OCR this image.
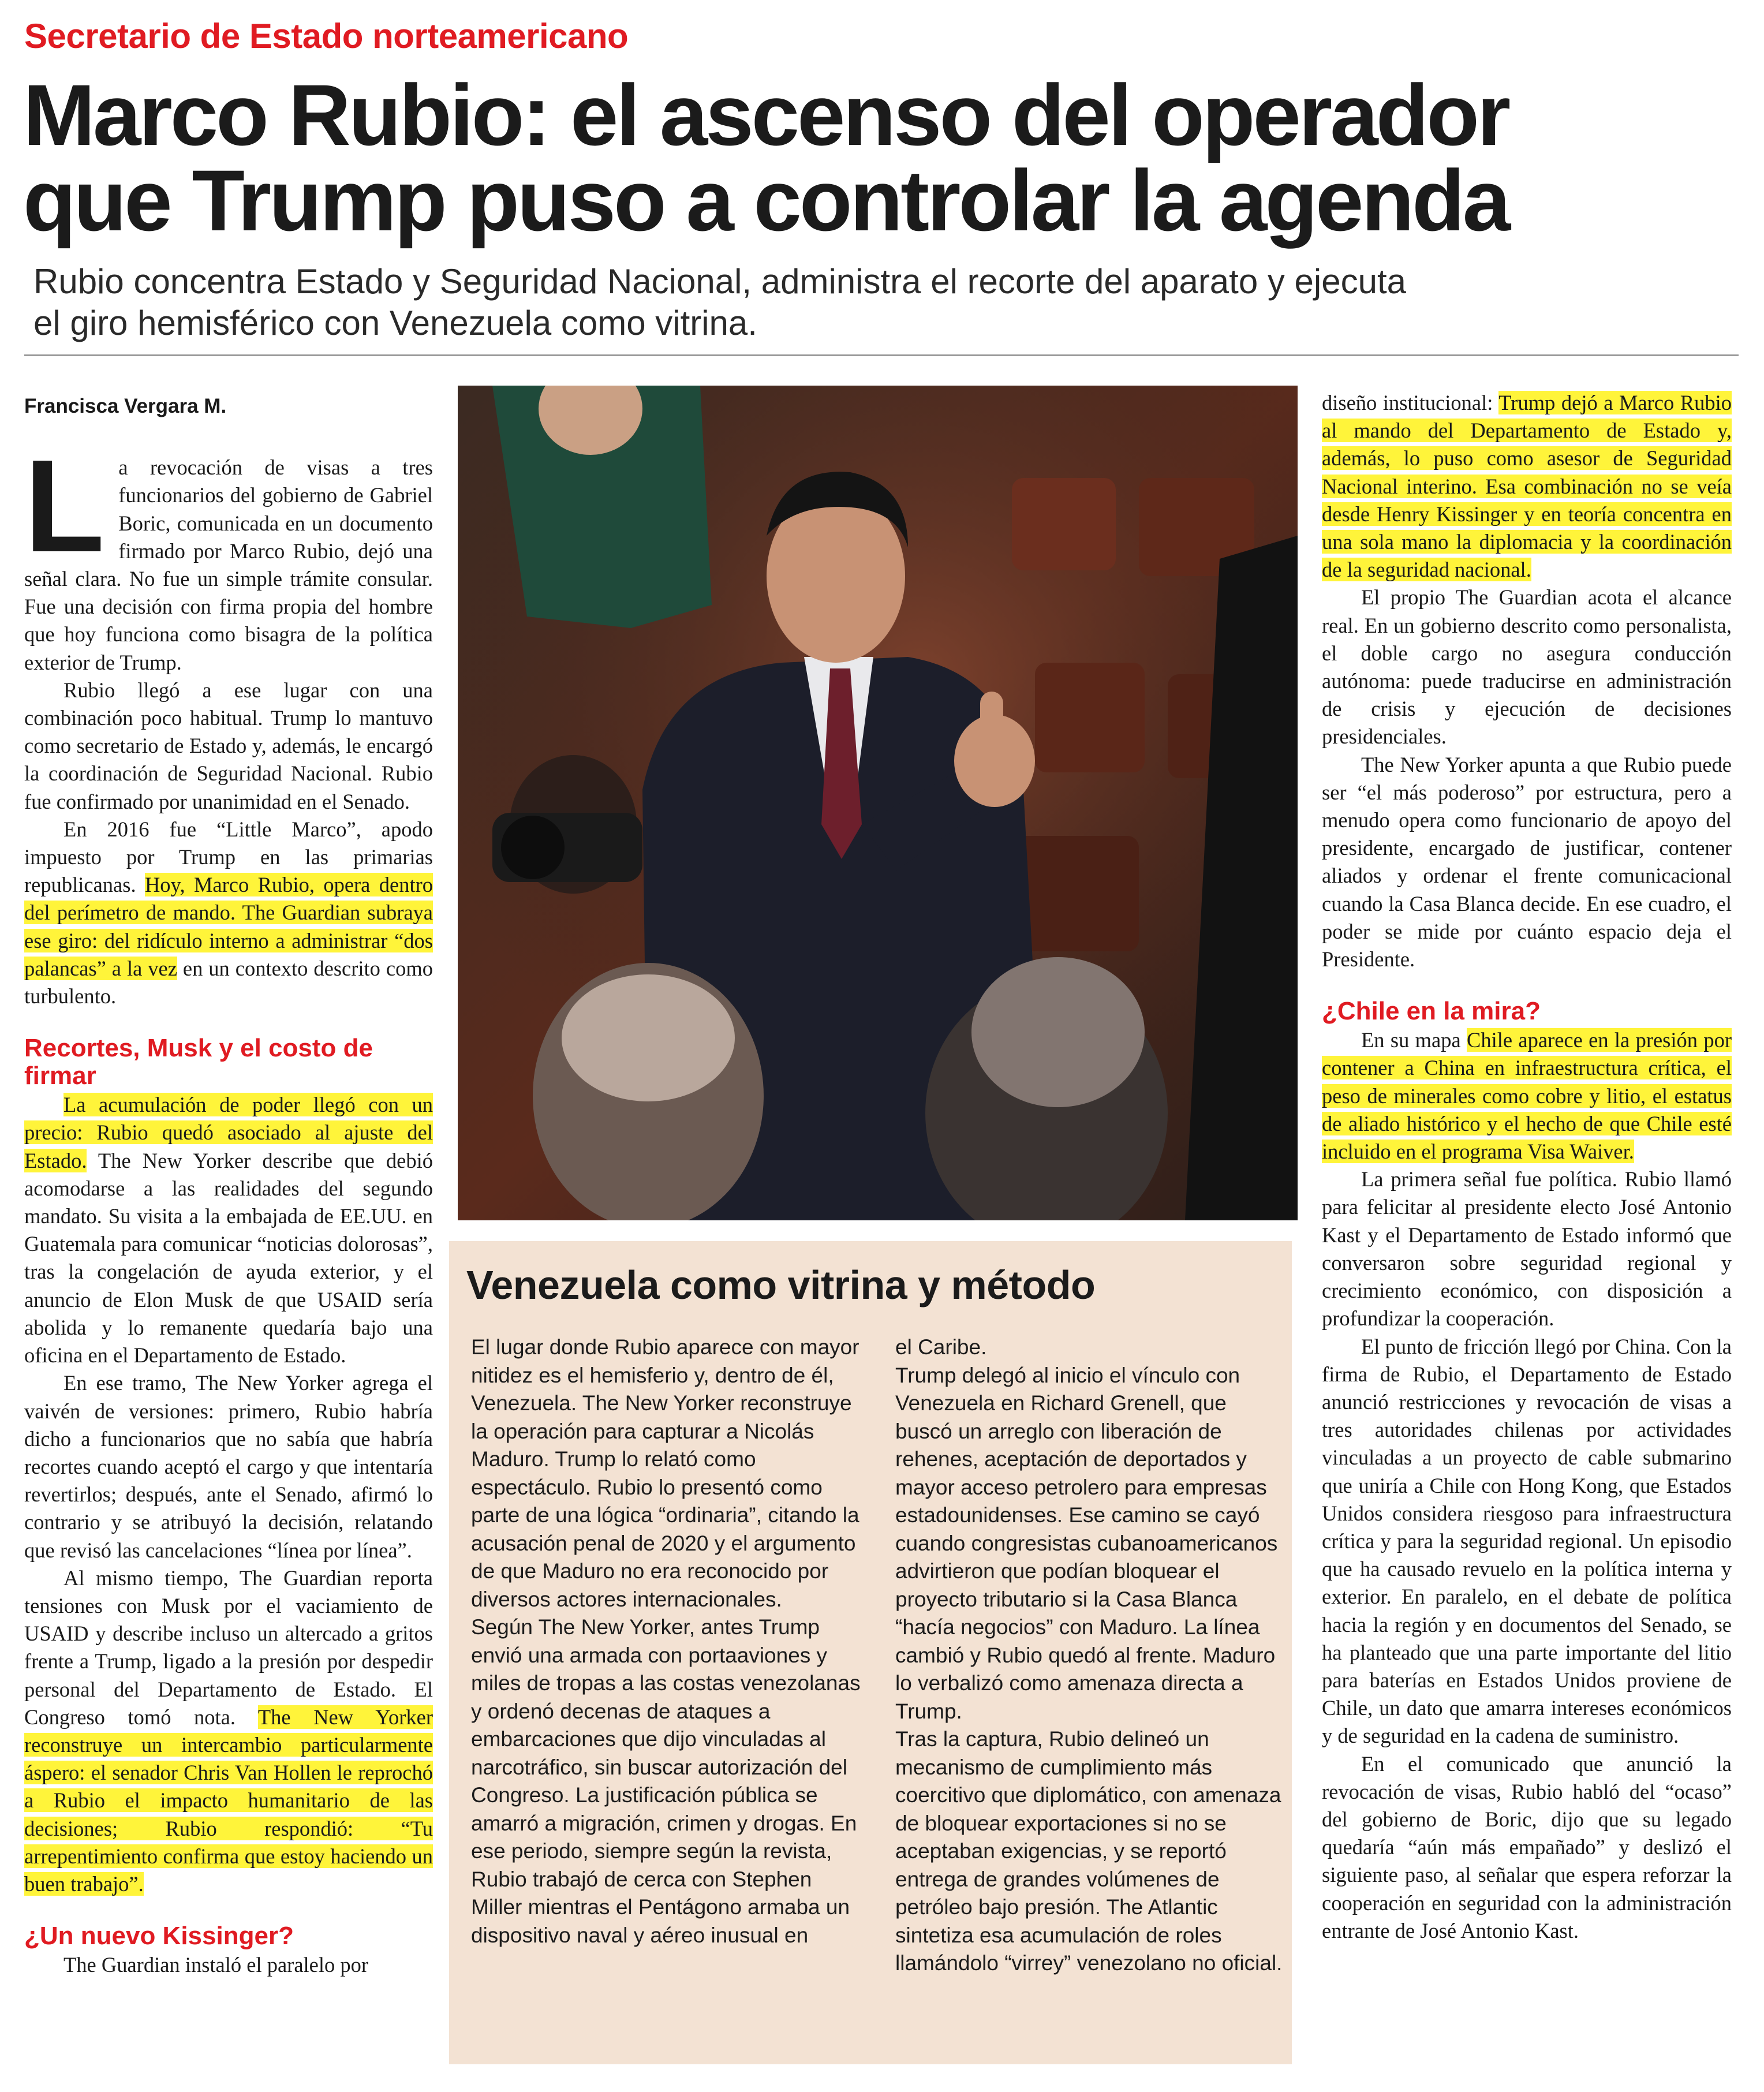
Secretario de Estado norteamericano
Marco Rubio: el ascenso del operador
que Trump puso a controlar la agenda

Rubio concentra Estado y Seguridad Nacional, administra el recorte del aparato y ejecuta
el giro hemisférico con Venezuela como vitrina.

Francisca Vergara M.

La revocación de visas a tres funcionarios del gobierno de Gabriel Boric, comunicada en un documento firmado por Marco Rubio, dejó una señal clara. No fue un simple trámite consular. Fue una decisión con firma propia del hombre que hoy funciona como bisagra de la política exterior de Trump.

Rubio llegó a ese lugar con una combinación poco habitual. Trump lo mantuvo como secretario de Estado y, además, le encargó la coordinación de Seguridad Nacional. Rubio fue confirmado por unanimidad en el Senado.

En 2016 fue “Little Marco”, apodo impuesto por Trump en las primarias republicanas. Hoy, Marco Rubio, opera dentro del perímetro de mando. The Guardian subraya ese giro: del ridículo interno a administrar “dos palancas” a la vez en un contexto descrito como turbulento.

Recortes, Musk y el costo de firmar

La acumulación de poder llegó con un precio: Rubio quedó asociado al ajuste del Estado. The New Yorker describe que debió acomodarse a las realidades del segundo mandato. Su visita a la embajada de EE.UU. en Guatemala para comunicar “noticias dolorosas”, tras la congelación de ayuda exterior, y el anuncio de Elon Musk de que USAID sería abolida y lo remanente quedaría bajo una oficina en el Departamento de Estado.

En ese tramo, The New Yorker agrega el vaivén de versiones: primero, Rubio habría dicho a funcionarios que no sabía que habría recortes cuando aceptó el cargo y que intentaría revertirlos; después, ante el Senado, afirmó lo contrario y se atribuyó la decisión, relatando que revisó las cancelaciones “línea por línea”.

Al mismo tiempo, The Guardian reporta tensiones con Musk por el vaciamiento de USAID y describe incluso un altercado a gritos frente a Trump, ligado a la presión por despedir personal del Departamento de Estado. El Congreso tomó nota. The New Yorker reconstruye un intercambio particularmente áspero: el senador Chris Van Hollen le reprochó a Rubio el impacto humanitario de las decisiones; Rubio respondió: “Tu arrepentimiento confirma que estoy haciendo un buen trabajo”.

¿Un nuevo Kissinger?

The Guardian instaló el paralelo por

Venezuela como vitrina y método

El lugar donde Rubio aparece con mayor nitidez es el hemisferio y, dentro de él, Venezuela. The New Yorker reconstruye la operación para capturar a Nicolás Maduro. Trump lo relató como espectáculo. Rubio lo presentó como parte de una lógica “ordinaria”, citando la acusación penal de 2020 y el argumento de que Maduro no era reconocido por diversos actores internacionales.

Según The New Yorker, antes Trump envió una armada con portaaviones y miles de tropas a las costas venezolanas y ordenó decenas de ataques a embarcaciones que dijo vinculadas al narcotráfico, sin buscar autorización del Congreso. La justificación pública se amarró a migración, crimen y drogas. En ese periodo, siempre según la revista, Rubio trabajó de cerca con Stephen Miller mientras el Pentágono armaba un dispositivo naval y aéreo inusual en

el Caribe.

Trump delegó al inicio el vínculo con Venezuela en Richard Grenell, que buscó un arreglo con liberación de rehenes, aceptación de deportados y mayor acceso petrolero para empresas estadounidenses. Ese camino se cayó cuando congresistas cubanoamericanos advirtieron que podían bloquear el proyecto tributario si la Casa Blanca “hacía negocios” con Maduro. La línea cambió y Rubio quedó al frente. Maduro lo verbalizó como amenaza directa a Trump.

Tras la captura, Rubio delineó un mecanismo de cumplimiento más coercitivo que diplomático, con amenaza de bloquear exportaciones si no se aceptaban exigencias, y se reportó entrega de grandes volúmenes de petróleo bajo presión. The Atlantic sintetiza esa acumulación de roles llamándolo “virrey” venezolano no oficial.

diseño institucional: Trump dejó a Marco Rubio al mando del Departamento de Estado y, además, lo puso como asesor de Seguridad Nacional interino. Esa combinación no se veía desde Henry Kissinger y en teoría concentra en una sola mano la diplomacia y la coordinación de la seguridad nacional.

El propio The Guardian acota el alcance real. En un gobierno descrito como personalista, el doble cargo no asegura conducción autónoma: puede traducirse en administración de crisis y ejecución de decisiones presidenciales.

The New Yorker apunta a que Rubio puede ser “el más poderoso” por estructura, pero a menudo opera como funcionario de apoyo del presidente, encargado de justificar, contener aliados y ordenar el frente comunicacional cuando la Casa Blanca decide. En ese cuadro, el poder se mide por cuánto espacio deja el Presidente.

¿Chile en la mira?

En su mapa Chile aparece en la presión por contener a China en infraestructura crítica, el peso de minerales como cobre y litio, el estatus de aliado histórico y el hecho de que Chile esté incluido en el programa Visa Waiver.

La primera señal fue política. Rubio llamó para felicitar al presidente electo José Antonio Kast y el Departamento de Estado informó que conversaron sobre seguridad regional y crecimiento económico, con disposición a profundizar la cooperación.

El punto de fricción llegó por China. Con la firma de Rubio, el Departamento de Estado anunció restricciones y revocación de visas a tres autoridades chilenas por actividades vinculadas a un proyecto de cable submarino que uniría a Chile con Hong Kong, que Estados Unidos considera riesgoso para infraestructura crítica y para la seguridad regional. Un episodio que ha causado revuelo en la política interna y exterior. En paralelo, en el debate de política hacia la región y en documentos del Senado, se ha planteado que una parte importante del litio para baterías en Estados Unidos proviene de Chile, un dato que amarra intereses económicos y de seguridad en la cadena de suministro.

En el comunicado que anunció la revocación de visas, Rubio habló del “ocaso” del gobierno de Boric, dijo que su legado quedaría “aún más empañado” y deslizó el siguiente paso, al señalar que espera reforzar la cooperación en seguridad con la administración entrante de José Antonio Kast.
